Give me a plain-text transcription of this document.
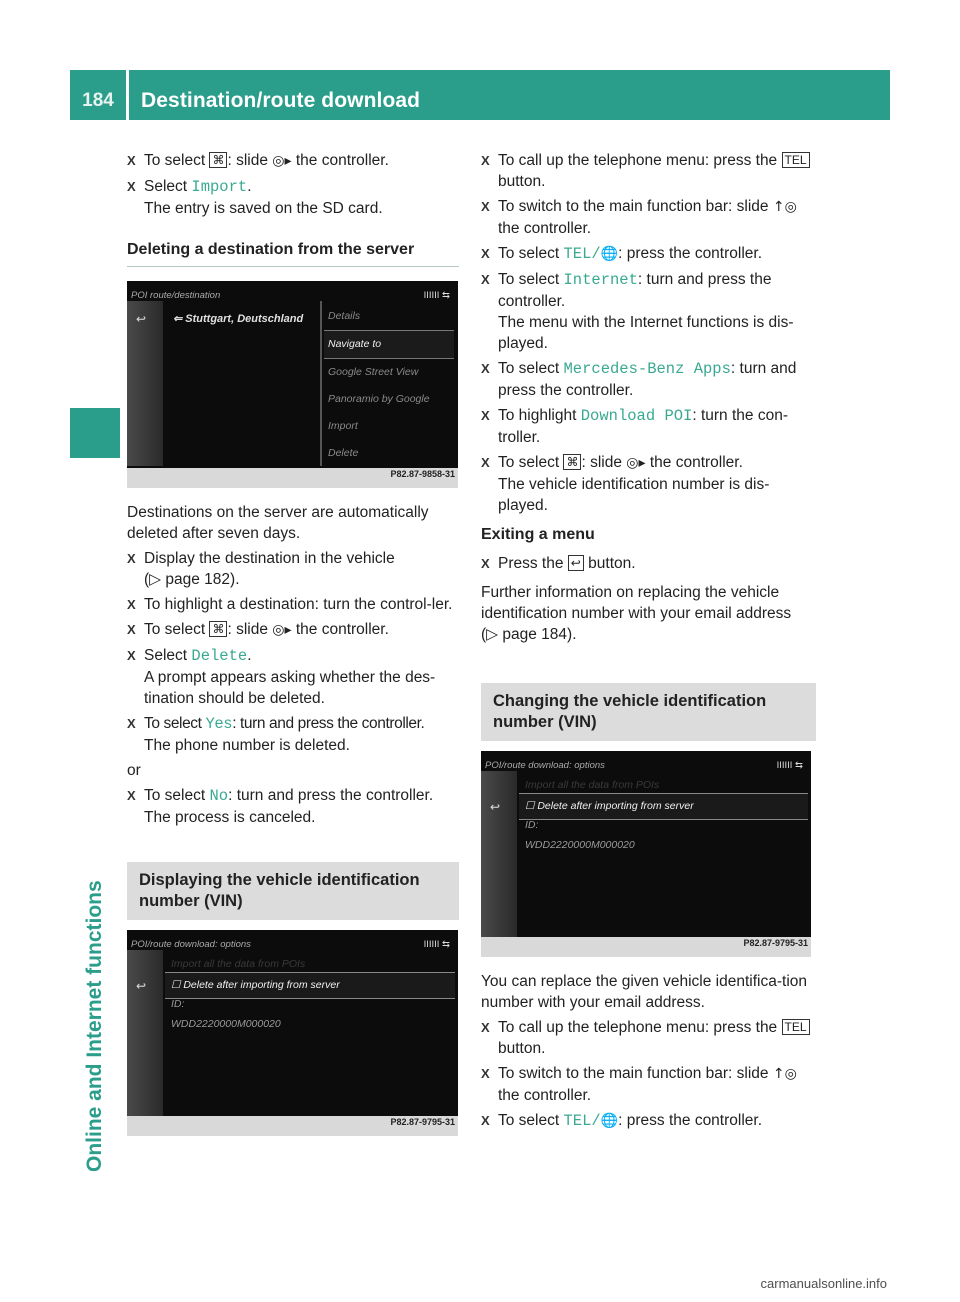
184	Destination/route download
Online and Internet functions
X To select ⌘ : slide ◎▸ the controller.
X Select Import.
The entry is saved on the SD card.
Deleting a destination from the server
POI route/destination	IIIIII ⇆
↩ ⇐ Stuttgart, Deutschland	Details
Navigate to
Google Street View
Panoramio by Google
Import
Delete
P82.87-9858-31
Destinations on the server are automatically deleted after seven days.
X Display the destination in the vehicle
(▷ page 182).
X To highlight a destination: turn the control-ler.
X To select ⌘ : slide ◎▸ the controller.
X Select Delete.
A prompt appears asking whether the des-tination should be deleted.
X To select Yes: turn and press the controller.
The phone number is deleted.
or
X To select No: turn and press the controller.
The process is canceled.
Displaying the vehicle identification number (VIN)
POI/route download: options	IIIIII ⇆
↩
Import all the data from POIs
☐ Delete after importing from server
ID:
WDD2220000M000020
P82.87-9795-31
X To call up the telephone menu: press the TEL button.
X To switch to the main function bar: slide ↑◎ the controller.
X To select TEL/🌐: press the controller.
X To select Internet: turn and press the controller.
The menu with the Internet functions is dis-played.
X To select Mercedes-Benz Apps: turn and press the controller.
X To highlight Download POI: turn the con-troller.
X To select ⌘ : slide ◎▸ the controller.
The vehicle identification number is dis-played.
Exiting a menu
X Press the ↩ button.
Further information on replacing the vehicle identification number with your email address
(▷ page 184).
Changing the vehicle identification number (VIN)
POI/route download: options	IIIIII ⇆
↩
Import all the data from POIs
☐ Delete after importing from server
ID:
WDD2220000M000020
P82.87-9795-31
You can replace the given vehicle identifica-tion number with your email address.
X To call up the telephone menu: press the TEL button.
X To switch to the main function bar: slide ↑◎ the controller.
X To select TEL/🌐: press the controller.
carmanualsonline.info
